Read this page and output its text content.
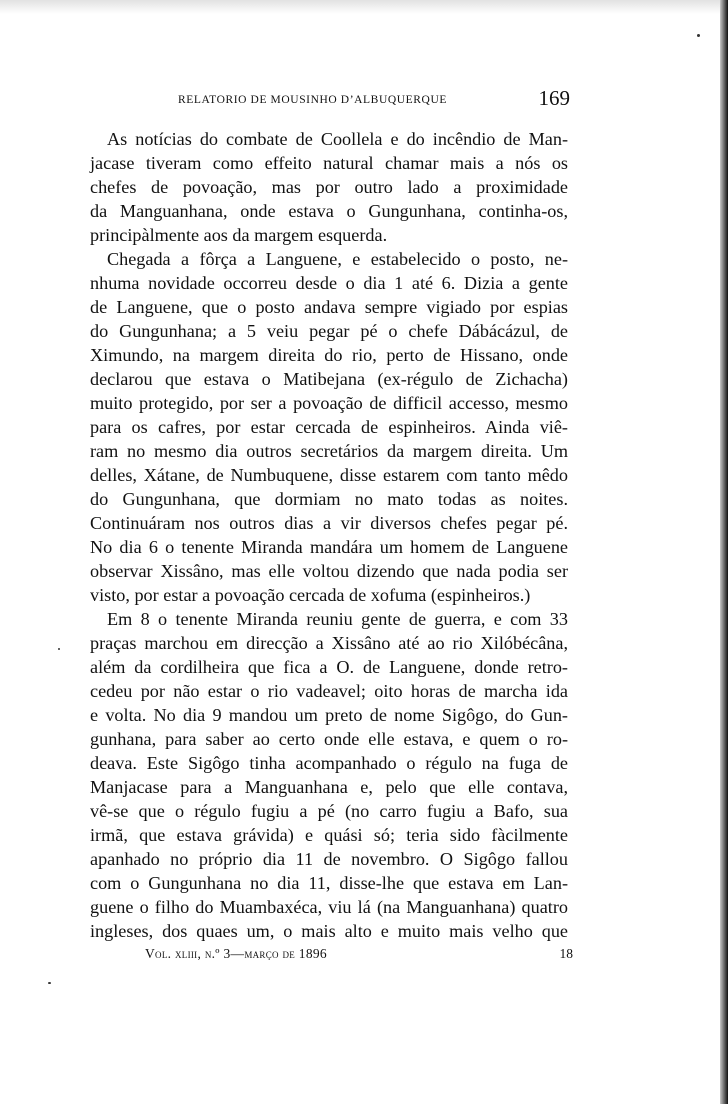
RELATORIO DE MOUSINHO D’ALBUQUERQUE	169
As notícias do combate de Coollela e do incêndio de Man-
jacase tiveram como effeito natural chamar mais a nós os
chefes de povoação, mas por outro lado a proximidade
da Manguanhana, onde estava o Gungunhana, continha-os,
principàlmente aos da margem esquerda.
Chegada a fôrça a Languene, e estabelecido o posto, ne-
nhuma novidade occorreu desde o dia 1 até 6. Dizia a gente
de Languene, que o posto andava sempre vigiado por espias
do Gungunhana; a 5 veiu pegar pé o chefe Dábácázul, de
Ximundo, na margem direita do rio, perto de Hissano, onde
declarou que estava o Matibejana (ex-régulo de Zichacha)
muito protegido, por ser a povoação de difficil accesso, mesmo
para os cafres, por estar cercada de espinheiros. Ainda viê-
ram no mesmo dia outros secretários da margem direita. Um
delles, Xátane, de Numbuquene, disse estarem com tanto mêdo
do Gungunhana, que dormiam no mato todas as noites.
Continuáram nos outros dias a vir diversos chefes pegar pé.
No dia 6 o tenente Miranda mandára um homem de Languene
observar Xissâno, mas elle voltou dizendo que nada podia ser
visto, por estar a povoação cercada de xofuma (espinheiros.)
Em 8 o tenente Miranda reuniu gente de guerra, e com 33
praças marchou em direcção a Xissâno até ao rio Xilóbécâna,
além da cordilheira que fica a O. de Languene, donde retro-
cedeu por não estar o rio vadeavel; oito horas de marcha ida
e volta. No dia 9 mandou um preto de nome Sigôgo, do Gun-
gunhana, para saber ao certo onde elle estava, e quem o ro-
deava. Este Sigôgo tinha acompanhado o régulo na fuga de
Manjacase para a Manguanhana e, pelo que elle contava,
vê-se que o régulo fugiu a pé (no carro fugiu a Bafo, sua
irmã, que estava grávida) e quási só; teria sido fàcilmente
apanhado no próprio dia 11 de novembro. O Sigôgo fallou
com o Gungunhana no dia 11, disse-lhe que estava em Lan-
guene o filho do Muambaxéca, viu lá (na Manguanhana) quatro
ingleses, dos quaes um, o mais alto e muito mais velho que
Vol. xliii, n.º 3—março de 1896	18
